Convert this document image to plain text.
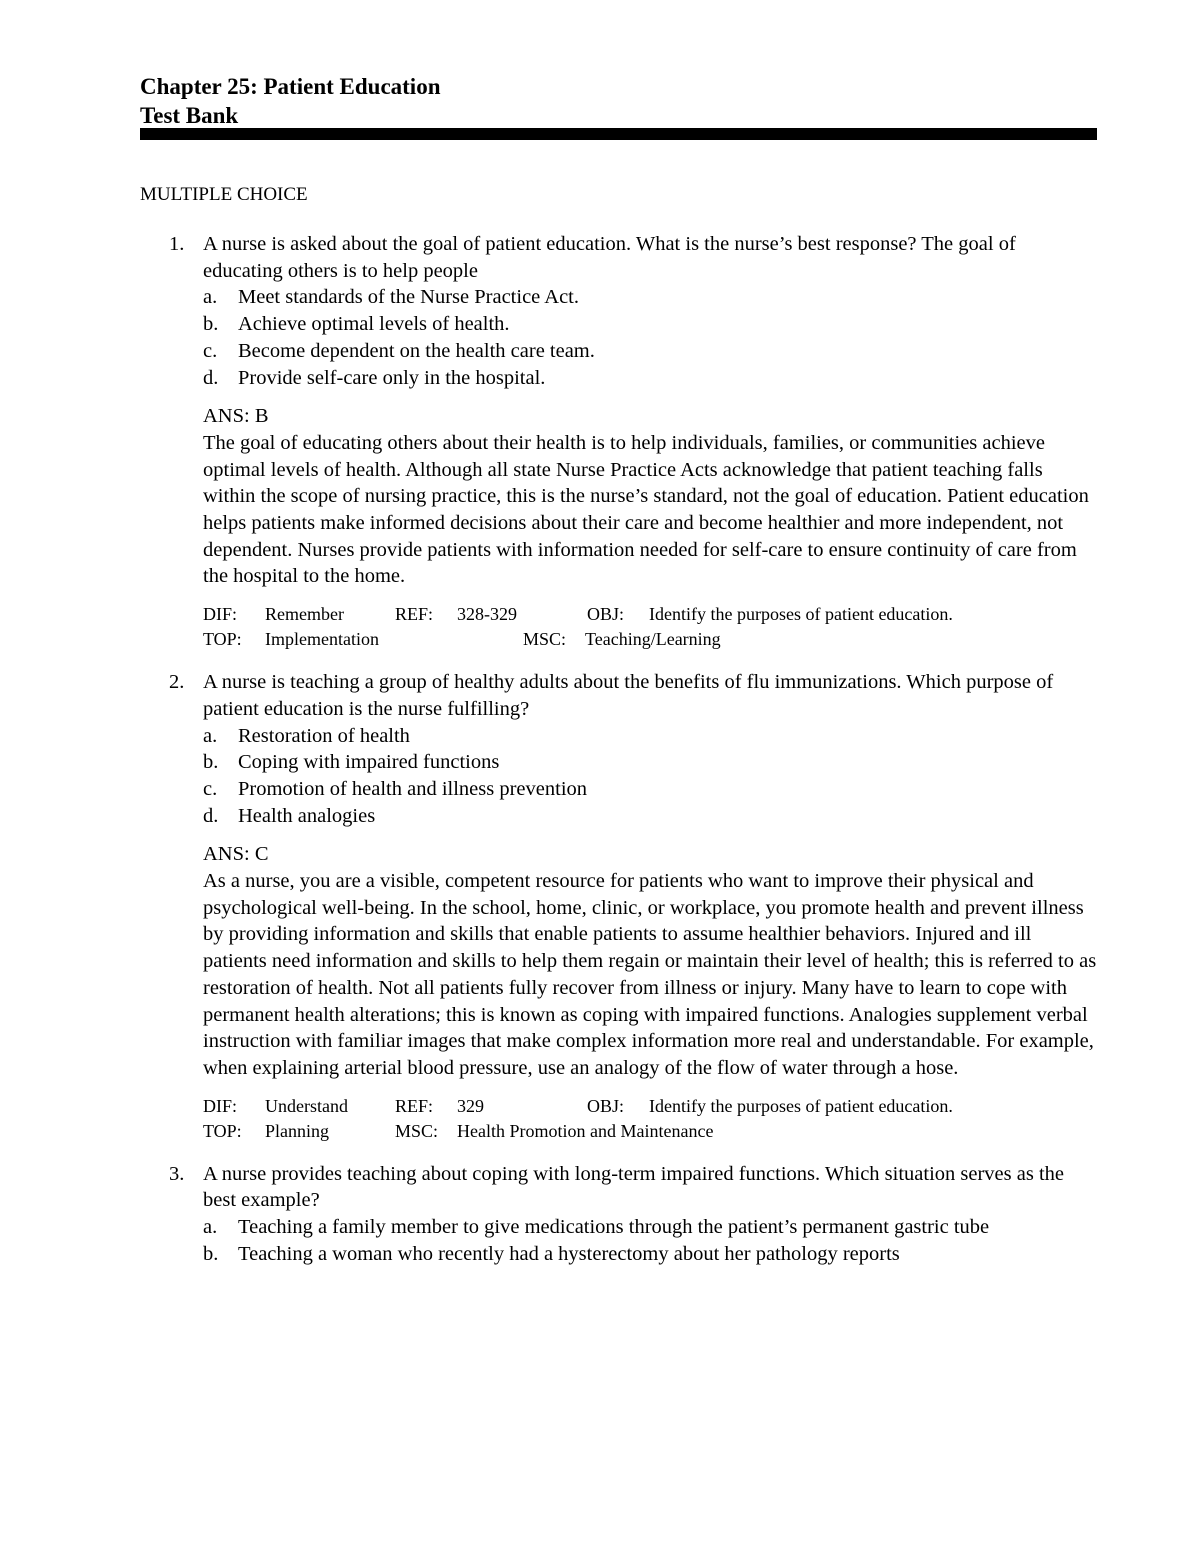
Chapter 25: Patient Education
Test Bank
MULTIPLE CHOICE
1. A nurse is asked about the goal of patient education. What is the nurse’s best response? The goal of educating others is to help people

a. Meet standards of the Nurse Practice Act.
b. Achieve optimal levels of health.
c. Become dependent on the health care team.
d. Provide self-care only in the hospital.
ANS: B

The goal of educating others about their health is to help individuals, families, or communities achieve optimal levels of health. Although all state Nurse Practice Acts acknowledge that patient teaching falls within the scope of nursing practice, this is the nurse’s standard, not the goal of education. Patient education helps patients make informed decisions about their care and become healthier and more independent, not dependent. Nurses provide patients with information needed for self-care to ensure continuity of care from the hospital to the home.

DIF:	Remember	REF:	328-329	OBJ:	Identify the purposes of patient education.
TOP:	Implementation	MSC:	Teaching/Learning
2. A nurse is teaching a group of healthy adults about the benefits of flu immunizations. Which purpose of patient education is the nurse fulfilling?

a. Restoration of health
b. Coping with impaired functions
c. Promotion of health and illness prevention
d. Health analogies
ANS: C

As a nurse, you are a visible, competent resource for patients who want to improve their physical and psychological well-being. In the school, home, clinic, or workplace, you promote health and prevent illness by providing information and skills that enable patients to assume healthier behaviors. Injured and ill patients need information and skills to help them regain or maintain their level of health; this is referred to as restoration of health. Not all patients fully recover from illness or injury. Many have to learn to cope with permanent health alterations; this is known as coping with impaired functions. Analogies supplement verbal instruction with familiar images that make complex information more real and understandable. For example, when explaining arterial blood pressure, use an analogy of the flow of water through a hose.

DIF:	Understand	REF:	329	OBJ:	Identify the purposes of patient education.
TOP:	Planning	MSC:	Health Promotion and Maintenance
3. A nurse provides teaching about coping with long-term impaired functions. Which situation serves as the best example?

a. Teaching a family member to give medications through the patient’s permanent gastric tube
b. Teaching a woman who recently had a hysterectomy about her pathology reports
